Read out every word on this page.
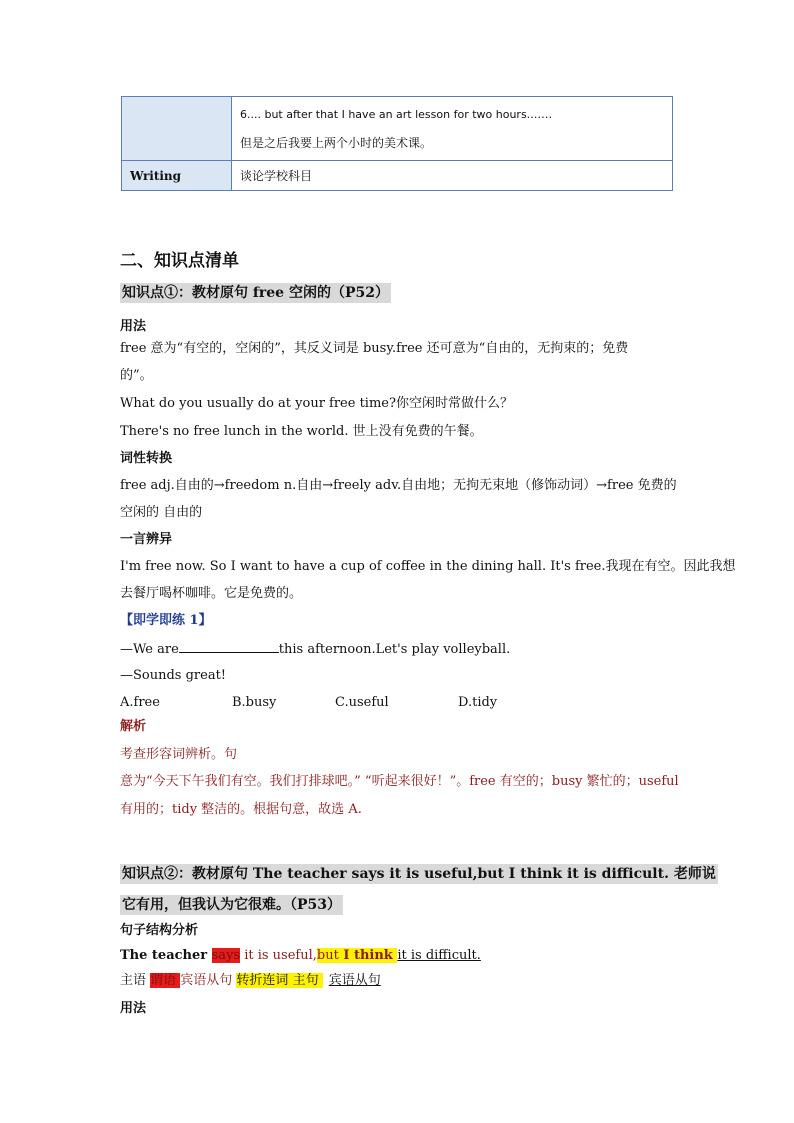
	6.... but after that I have an art lesson for two hours.……
但是之后我要上两个小时的美术课。

Writing	谈论学校科目
二、知识点清单
知识点①：教材原句 free 空闲的（P52）
用法
free 意为“有空的，空闲的”，其反义词是 busy.free 还可意为“自由的，无拘束的；免费
的”。
What do you usually do at your free time?你空闲时常做什么？
There's no free lunch in the world. 世上没有免费的午餐。
词性转换
free adj.自由的→freedom n.自由→freely adv.自由地；无拘无束地（修饰动词）→free 免费的
空闲的 自由的
一言辨异
I'm free now. So I want to have a cup of coffee in the dining hall. It's free.我现在有空。因此我想
去餐厅喝杯咖啡。它是免费的。
【即学即练 1】
—We are	this afternoon.Let's play volleyball.
—Sounds great!
A.free	B.busy	C.useful	D.tidy
解析
考查形容词辨析。句
意为“今天下午我们有空。我们打排球吧。” “听起来很好！”。free 有空的；busy 繁忙的；useful
有用的；tidy 整洁的。根据句意，故选 A.
知识点②：教材原句 The teacher says it is useful,but I think it is difficult. 老师说
它有用，但我认为它很难。（P53）
句子结构分析
The teacher says it is useful,but I think it is difficult.
主语 谓语 宾语从句 转折连词 主句 宾语从句
用法
